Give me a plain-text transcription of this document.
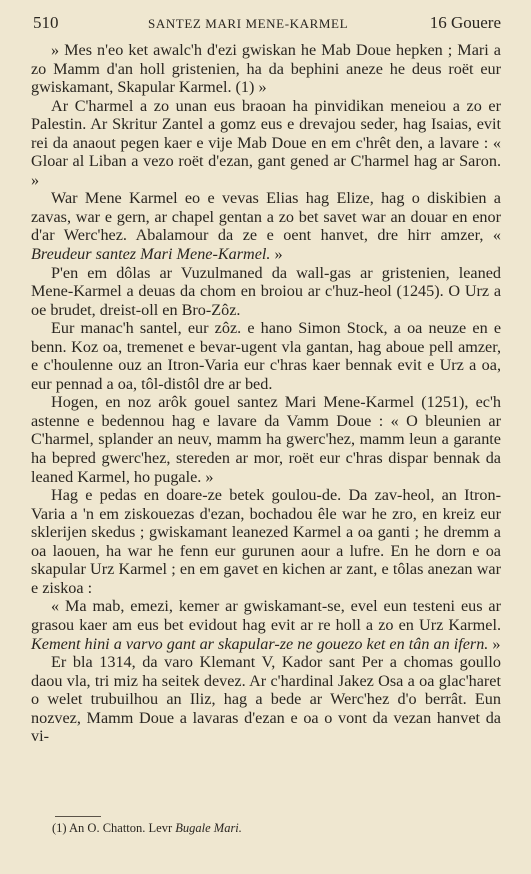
510	SANTEZ MARI MENE-KARMEL	16 Gouere

» Mes n'eo ket awalc'h d'ezi gwiskan he Mab Doue hepken ; Mari a zo Mamm d'an holl gristenien, ha da bephini aneze he deus roët eur gwiskamant, Skapular Karmel. (1) »

Ar C'harmel a zo unan eus braoan ha pinvidikan meneiou a zo er Palestin. Ar Skritur Zantel a gomz eus e drevajou seder, hag Isaias, evit rei da anaout pegen kaer e vije Mab Doue en em c'hrêt den, a lavare : « Gloar al Liban a vezo roët d'ezan, gant gened ar C'harmel hag ar Saron. »

War Mene Karmel eo e vevas Elias hag Elize, hag o diskibien a zavas, war e gern, ar chapel gentan a zo bet savet war an douar en enor d'ar Werc'hez. Abalamour da ze e oent hanvet, dre hirr amzer, « Breudeur santez Mari Mene-Karmel. »

P'en em dôlas ar Vuzulmaned da wall-gas ar gristenien, leaned Mene-Karmel a deuas da chom en broiou ar c'huz-heol (1245). O Urz a oe brudet, dreist-oll en Bro-Zôz.

Eur manac'h santel, eur zôz. e hano Simon Stock, a oa neuze en e benn. Koz oa, tremenet e bevar-ugent vla gantan, hag aboue pell amzer, e c'houlenne ouz an Itron-Varia eur c'hras kaer bennak evit e Urz a oa, eur pennad a oa, tôl-distôl dre ar bed.

Hogen, en noz arôk gouel santez Mari Mene-Karmel (1251), ec'h astenne e bedennou hag e lavare da Vamm Doue : « O bleunien ar C'harmel, splander an neuv, mamm ha gwerc'hez, mamm leun a garante ha bepred gwerc'hez, stereden ar mor, roët eur c'hras dispar bennak da leaned Karmel, ho pugale. »

Hag e pedas en doare-ze betek goulou-de. Da zav-heol, an Itron-Varia a 'n em ziskouezas d'ezan, bochadou êle war he zro, en kreiz eur sklerijen skedus ; gwiskamant leanezed Karmel a oa ganti ; he dremm a oa laouen, ha war he fenn eur gurunen aour a lufre. En he dorn e oa skapular Urz Karmel ; en em gavet en kichen ar zant, e tôlas anezan war e ziskoa :

« Ma mab, emezi, kemer ar gwiskamant-se, evel eun testeni eus ar grasou kaer am eus bet evidout hag evit ar re holl a zo en Urz Karmel. Kement hini a varvo gant ar skapular-ze ne gouezo ket en tân an ifern. »

Er bla 1314, da varo Klemant V, Kador sant Per a chomas goullo daou vla, tri miz ha seitek devez. Ar c'hardinal Jakez Osa a oa glac'haret o welet trubuilhou an Iliz, hag a bede ar Werc'hez d'o berrât. Eun nozvez, Mamm Doue a lavaras d'ezan e oa o vont da vezan hanvet da vi-

(1) An O. Chatton. Levr Bugale Mari.
